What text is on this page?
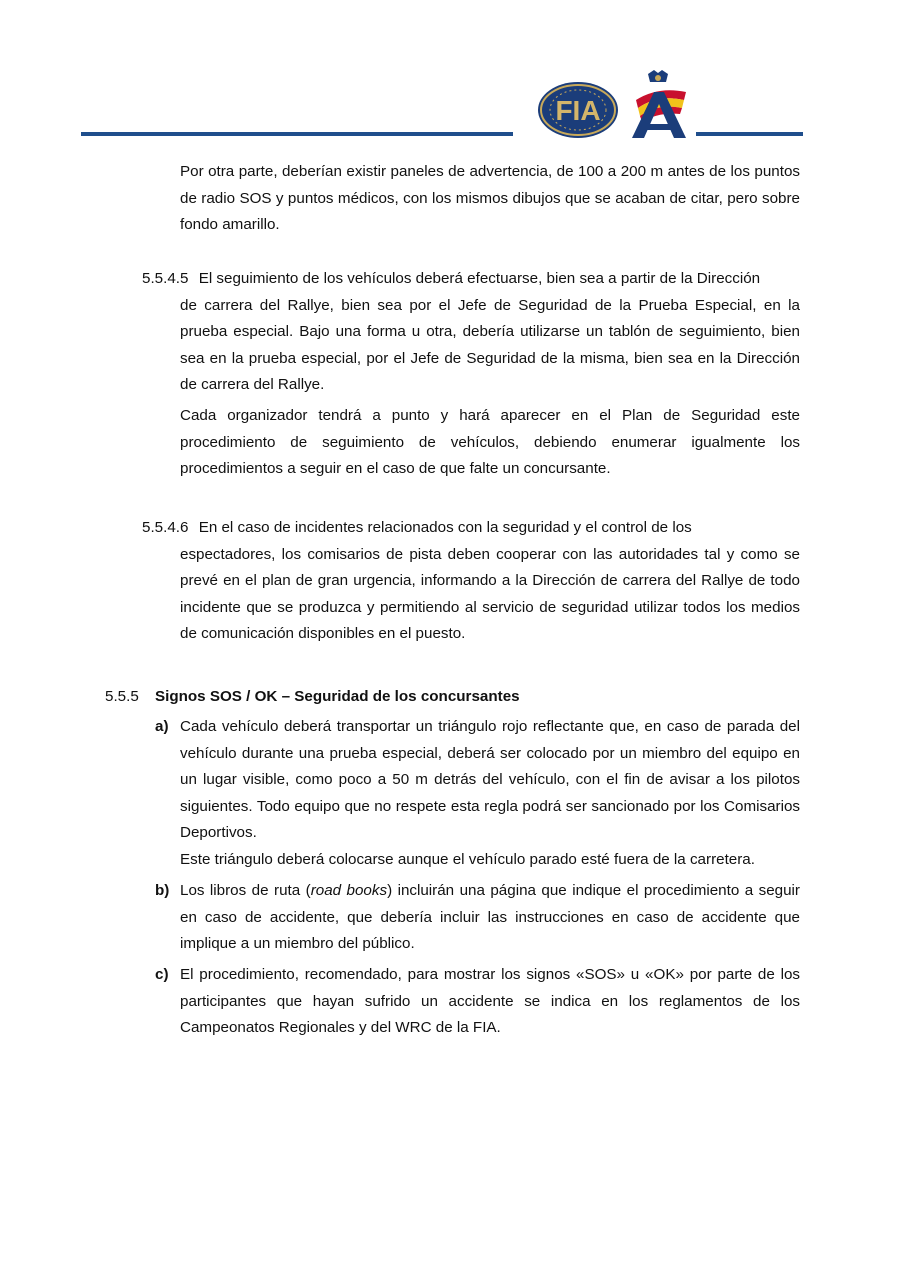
FIA
Por otra parte, deberían existir paneles de advertencia, de 100 a 200 m antes de los puntos de radio SOS y puntos médicos, con los mismos dibujos que se acaban de citar, pero sobre fondo amarillo.
5.5.4.5 El seguimiento de los vehículos deberá efectuarse, bien sea a partir de la Dirección
de carrera del Rallye, bien sea por el Jefe de Seguridad de la Prueba Especial, en la prueba especial. Bajo una forma u otra, debería utilizarse un tablón de seguimiento, bien sea en la prueba especial, por el Jefe de Seguridad de la misma, bien sea en la Dirección de carrera del Rallye.
Cada organizador tendrá a punto y hará aparecer en el Plan de Seguridad este procedimiento de seguimiento de vehículos, debiendo enumerar igualmente los procedimientos a seguir en el caso de que falte un concursante.
5.5.4.6 En el caso de incidentes relacionados con la seguridad y el control de los
espectadores, los comisarios de pista deben cooperar con las autoridades tal y como se prevé en el plan de gran urgencia, informando a la Dirección de carrera del Rallye de todo incidente que se produzca y permitiendo al servicio de seguridad utilizar todos los medios de comunicación disponibles en el puesto.
5.5.5 Signos SOS / OK – Seguridad de los concursantes
a) Cada vehículo deberá transportar un triángulo rojo reflectante que, en caso de parada del vehículo durante una prueba especial, deberá ser colocado por un miembro del equipo en un lugar visible, como poco a 50 m detrás del vehículo, con el fin de avisar a los pilotos siguientes. Todo equipo que no respete esta regla podrá ser sancionado por los Comisarios Deportivos.
Este triángulo deberá colocarse aunque el vehículo parado esté fuera de la carretera.
b) Los libros de ruta (road books) incluirán una página que indique el procedimiento a seguir en caso de accidente, que debería incluir las instrucciones en caso de accidente que implique a un miembro del público.
c) El procedimiento, recomendado, para mostrar los signos «SOS» u «OK» por parte de los participantes que hayan sufrido un accidente se indica en los reglamentos de los Campeonatos Regionales y del WRC de la FIA.
